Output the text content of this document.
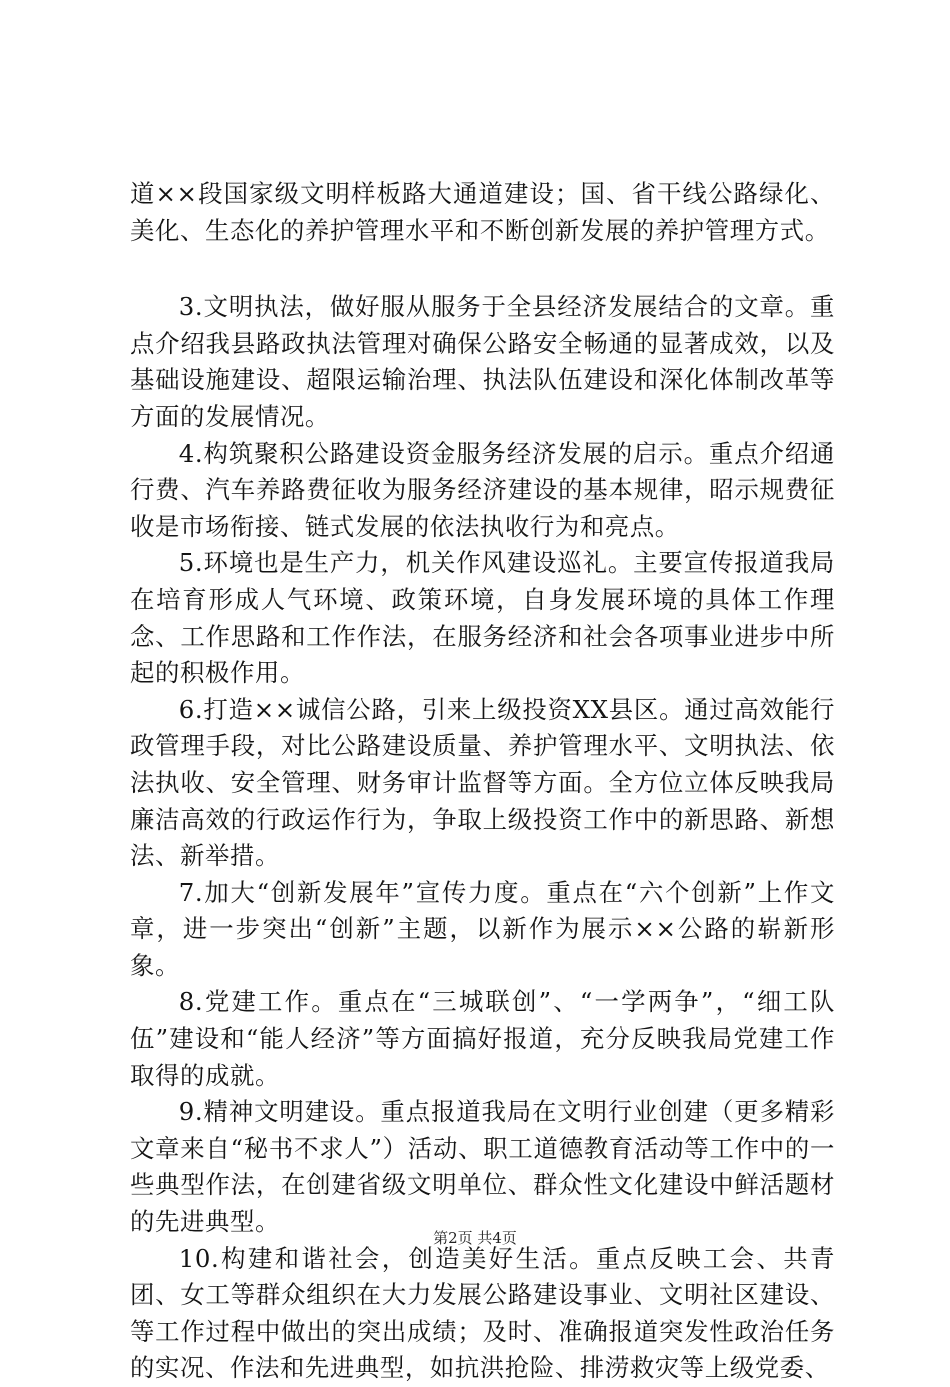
道××段国家级文明样板路大通道建设；国、省干线公路绿化、美化、生态化的养护管理水平和不断创新发展的养护管理方式。

3.文明执法，做好服从服务于全县经济发展结合的文章。重点介绍我县路政执法管理对确保公路安全畅通的显著成效，以及基础设施建设、超限运输治理、执法队伍建设和深化体制改革等方面的发展情况。

4.构筑聚积公路建设资金服务经济发展的启示。重点介绍通行费、汽车养路费征收为服务经济建设的基本规律，昭示规费征收是市场衔接、链式发展的依法执收行为和亮点。

5.环境也是生产力，机关作风建设巡礼。主要宣传报道我局在培育形成人气环境、政策环境，自身发展环境的具体工作理念、工作思路和工作作法，在服务经济和社会各项事业进步中所起的积极作用。

6.打造××诚信公路，引来上级投资XX县区。通过高效能行政管理手段，对比公路建设质量、养护管理水平、文明执法、依法执收、安全管理、财务审计监督等方面。全方位立体反映我局廉洁高效的行政运作行为，争取上级投资工作中的新思路、新想法、新举措。

7.加大“创新发展年”宣传力度。重点在“六个创新”上作文章，进一步突出“创新”主题，以新作为展示××公路的崭新形象。

8.党建工作。重点在“三城联创”、“一学两争”，“细工队伍”建设和“能人经济”等方面搞好报道，充分反映我局党建工作取得的成就。

9.精神文明建设。重点报道我局在文明行业创建（更多精彩文章来自“秘书不求人”）活动、职工道德教育活动等工作中的一些典型作法，在创建省级文明单位、群众性文化建设中鲜活题材的先进典型。

10.构建和谐社会，创造美好生活。重点反映工会、共青团、女工等群众组织在大力发展公路建设事业、文明社区建设、等工作过程中做出的突出成绩；及时、准确报道突发性政治任务的实况、作法和先进典型，如抗洪抢险、排涝救灾等上级党委、

第2页 共4页
